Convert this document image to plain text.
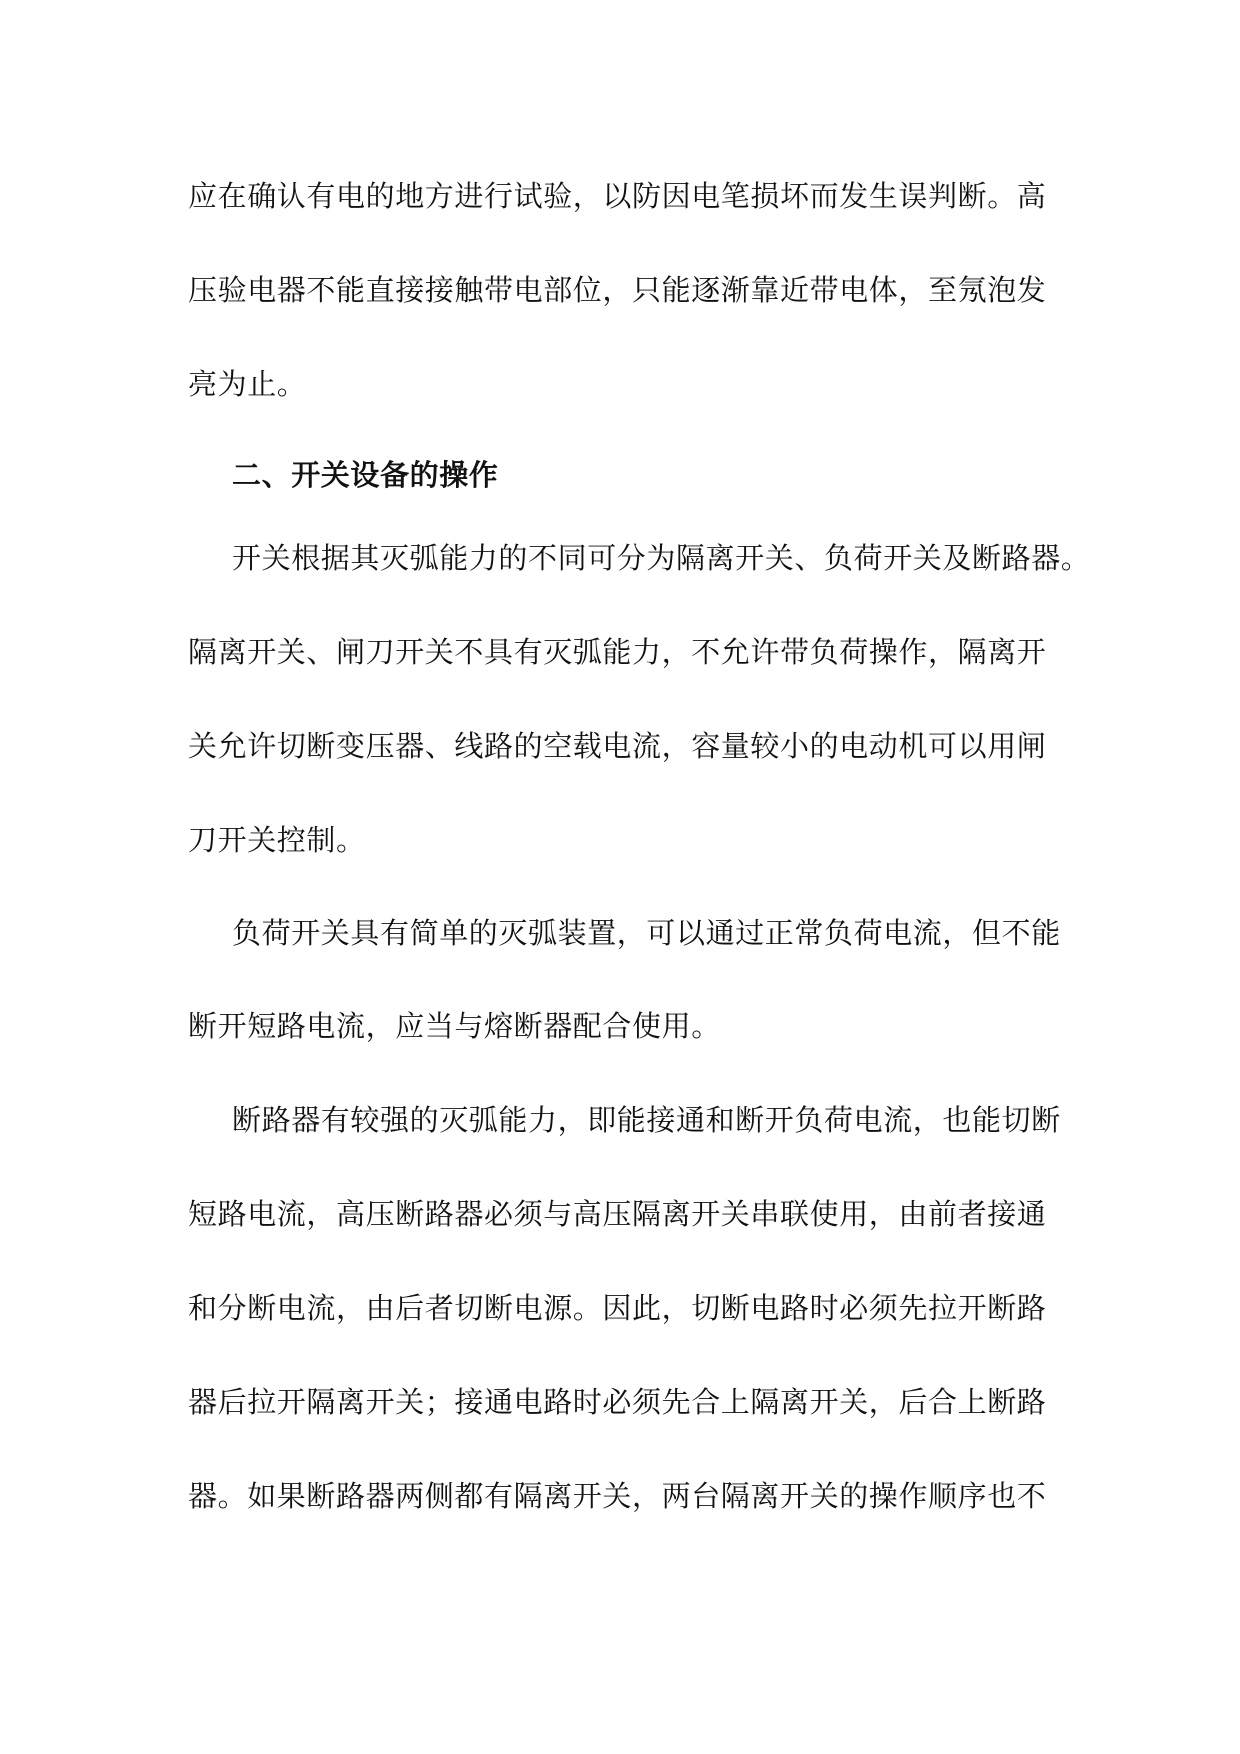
应在确认有电的地方进行试验，以防因电笔损坏而发生误判断。高
压验电器不能直接接触带电部位，只能逐渐靠近带电体，至氖泡发
亮为止。
二、开关设备的操作
开关根据其灭弧能力的不同可分为隔离开关、负荷开关及断路器。
隔离开关、闸刀开关不具有灭弧能力，不允许带负荷操作，隔离开
关允许切断变压器、线路的空载电流，容量较小的电动机可以用闸
刀开关控制。
负荷开关具有简单的灭弧装置，可以通过正常负荷电流，但不能
断开短路电流，应当与熔断器配合使用。
断路器有较强的灭弧能力，即能接通和断开负荷电流，也能切断
短路电流，高压断路器必须与高压隔离开关串联使用，由前者接通
和分断电流，由后者切断电源。因此，切断电路时必须先拉开断路
器后拉开隔离开关；接通电路时必须先合上隔离开关，后合上断路
器。如果断路器两侧都有隔离开关，两台隔离开关的操作顺序也不
